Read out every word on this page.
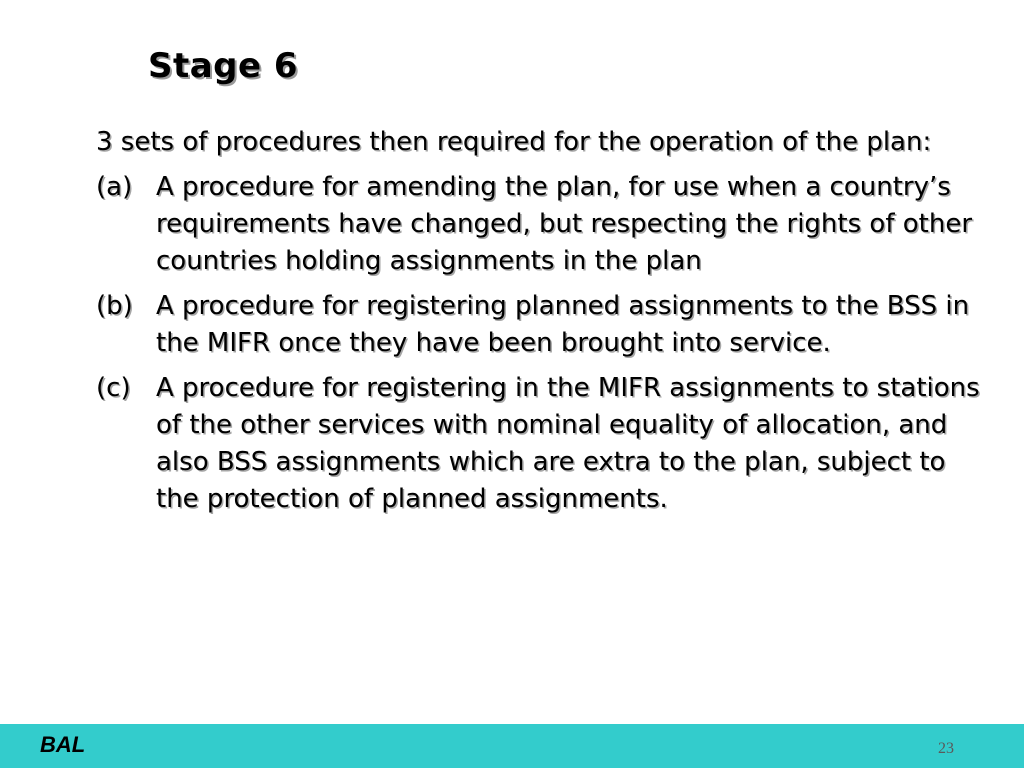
Stage 6

3 sets of procedures then required for the operation of the plan:

(a) A procedure for amending the plan, for use when a country’s requirements have changed, but respecting the rights of other countries holding assignments in the plan
(b) A procedure for registering planned assignments to the BSS in the MIFR once they have been brought into service.
(c) A procedure for registering in the MIFR assignments to stations of the other services with nominal equality of allocation, and also BSS assignments which are extra to the plan, subject to the protection of planned assignments.
BAL	23
